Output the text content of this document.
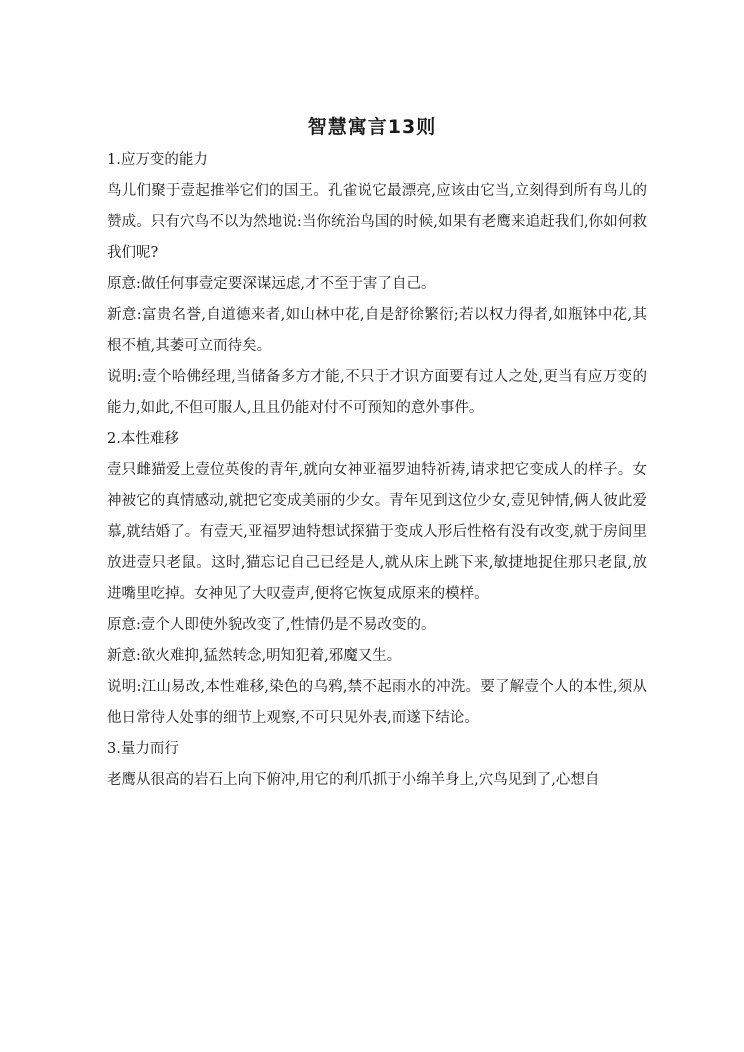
智慧寓言13则

1.应万变的能力

鸟儿们聚于壹起推举它们的国王。孔雀说它最漂亮,应该由它当,立刻得到所有鸟儿的赞成。只有穴鸟不以为然地说:当你统治鸟国的时候,如果有老鹰来追赶我们,你如何救我们呢?

原意:做任何事壹定要深谋远虑,才不至于害了自己。

新意:富贵名誉,自道德来者,如山林中花,自是舒徐繁衍;若以权力得者,如瓶钵中花,其根不植,其萎可立而待矣。

说明:壹个哈佛经理,当储备多方才能,不只于才识方面要有过人之处,更当有应万变的能力,如此,不但可服人,且且仍能对付不可预知的意外事件。

2.本性难移

壹只雌猫爱上壹位英俊的青年,就向女神亚福罗迪特祈祷,请求把它变成人的样子。女神被它的真情感动,就把它变成美丽的少女。青年见到这位少女,壹见钟情,俩人彼此爱慕,就结婚了。有壹天,亚福罗迪特想试探猫于变成人形后性格有没有改变,就于房间里放进壹只老鼠。这时,猫忘记自己已经是人,就从床上跳下来,敏捷地捉住那只老鼠,放进嘴里吃掉。女神见了大叹壹声,便将它恢复成原来的模样。

原意:壹个人即使外貌改变了,性情仍是不易改变的。

新意:欲火难抑,猛然转念,明知犯着,邪魔又生。

说明:江山易改,本性难移,染色的乌鸦,禁不起雨水的冲洗。要了解壹个人的本性,须从他日常待人处事的细节上观察,不可只见外表,而遂下结论。

3.量力而行

老鹰从很高的岩石上向下俯冲,用它的利爪抓于小绵羊身上,穴鸟见到了,心想自
